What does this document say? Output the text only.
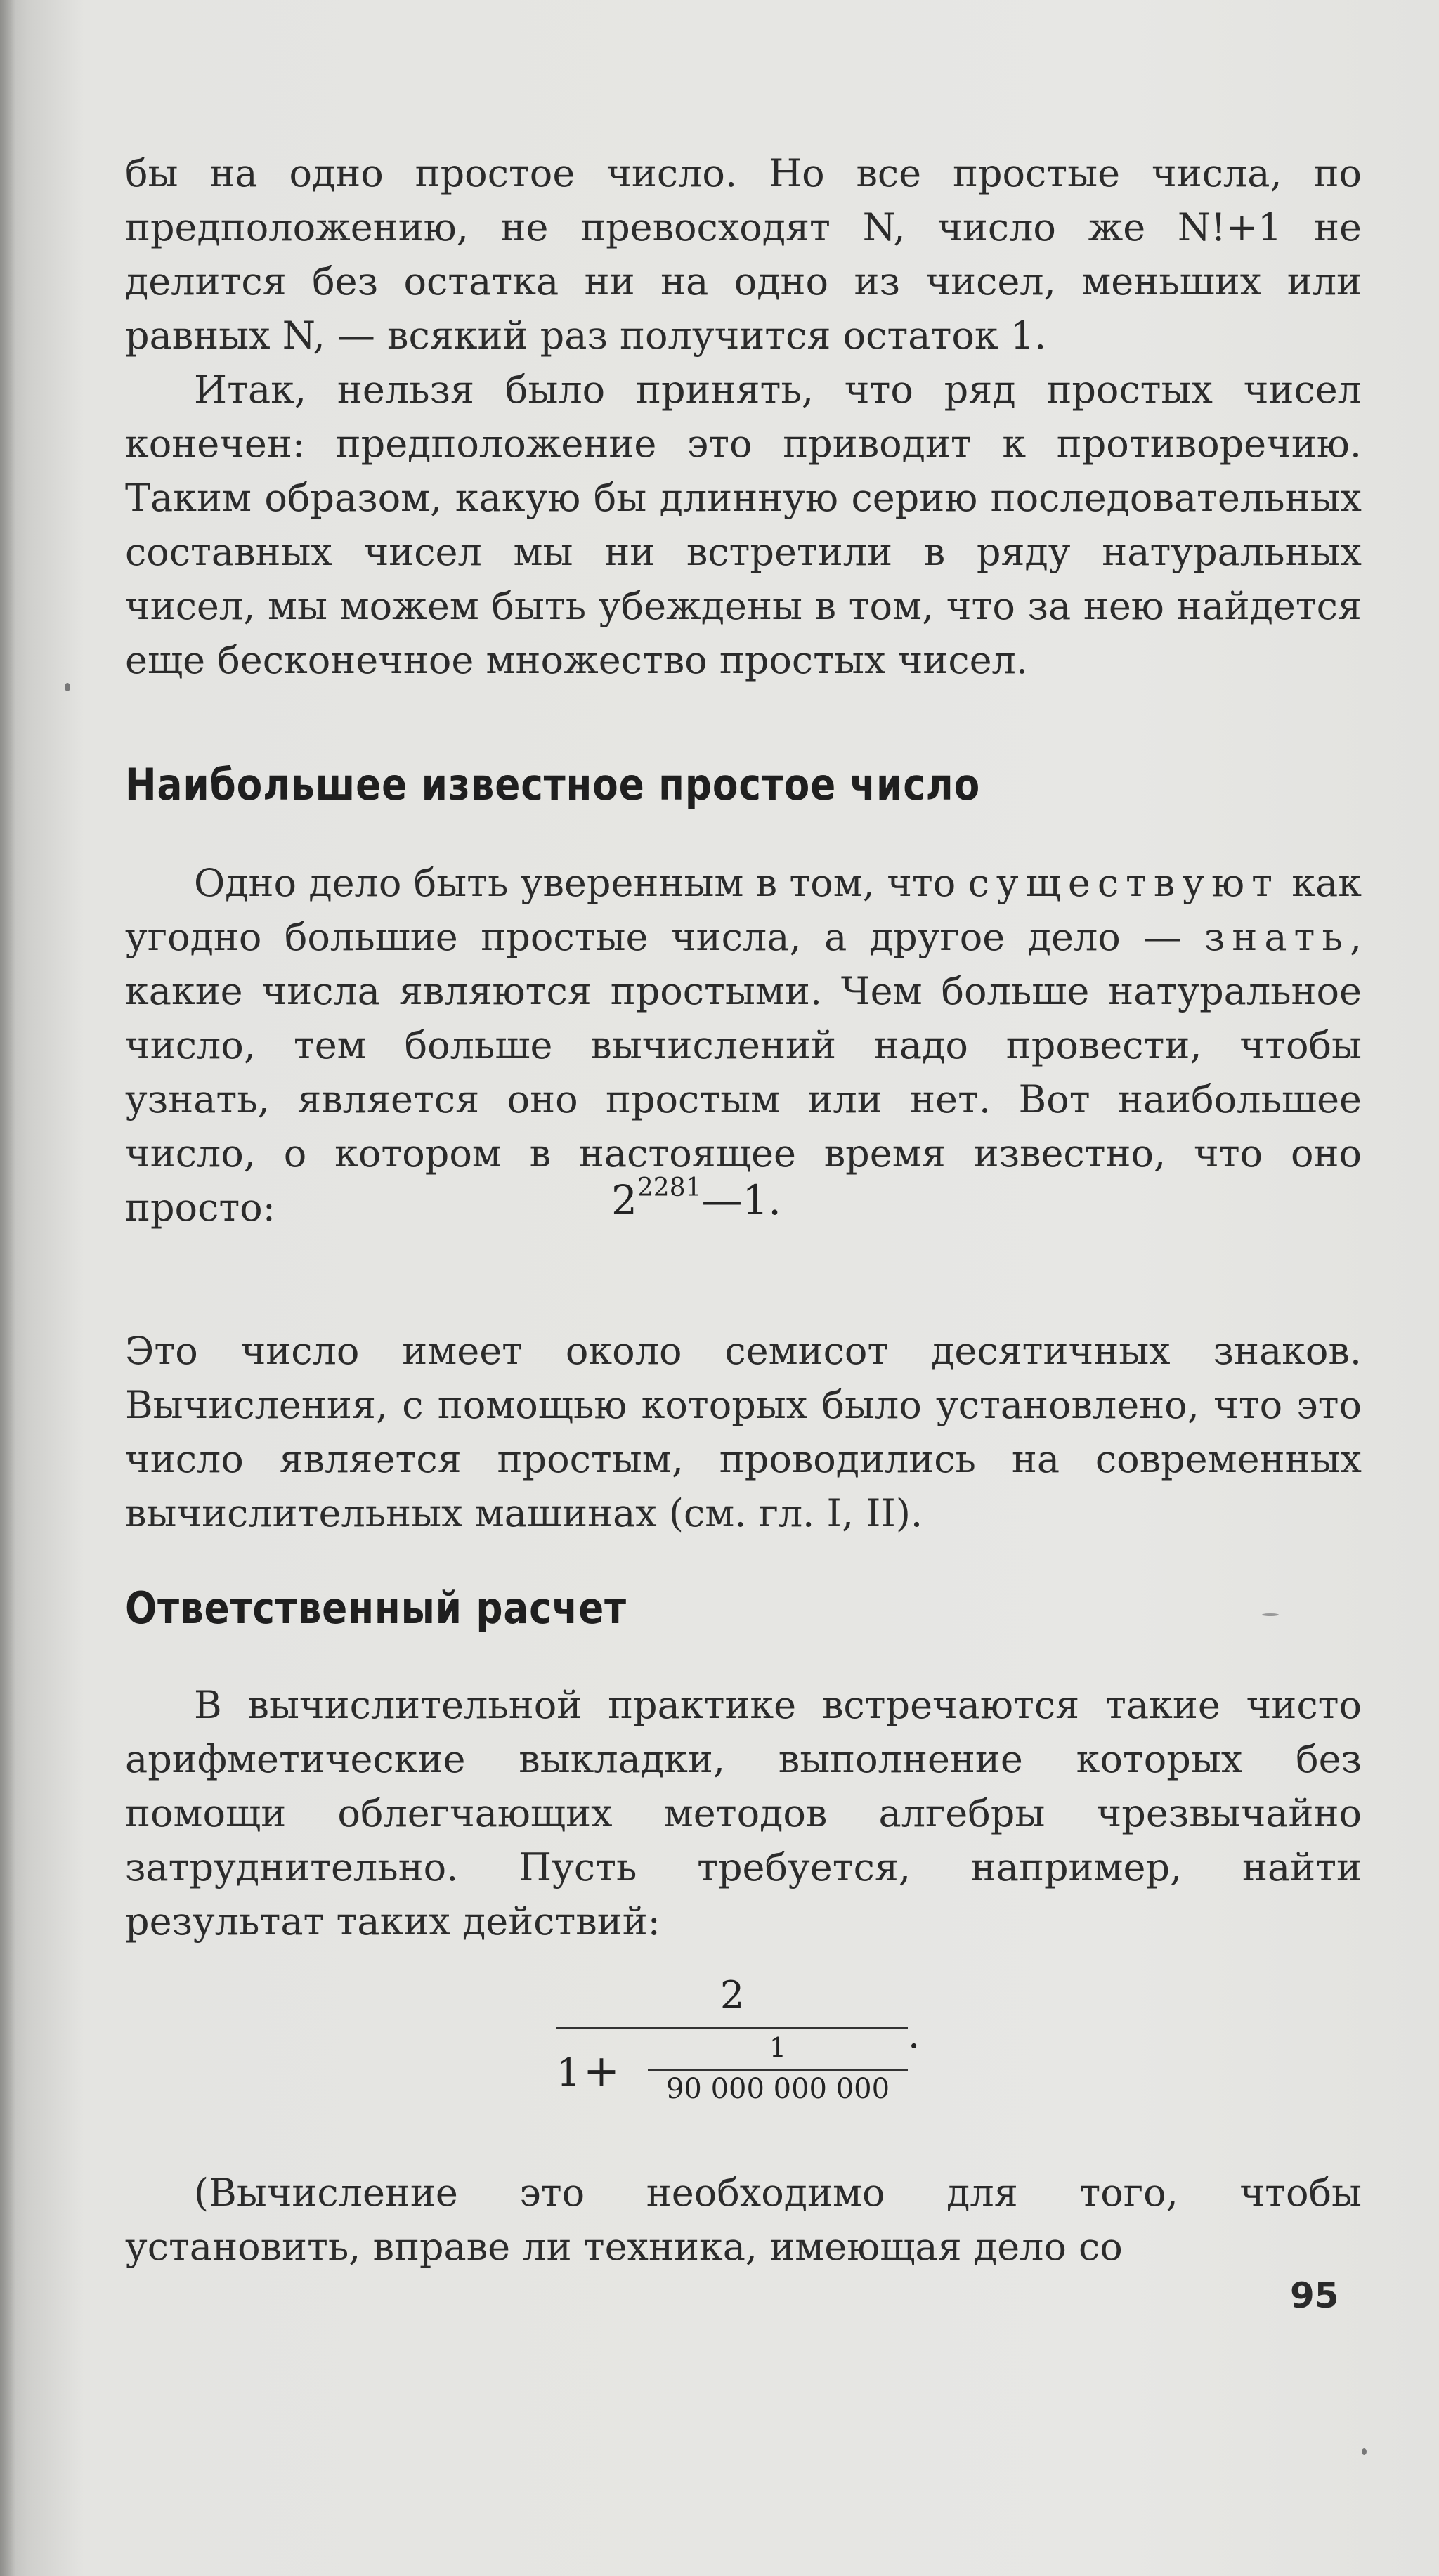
бы на одно простое число. Но все простые числа, по предположению, не превосходят N, число же N!+1 не делится без остатка ни на одно из чисел, меньших или равных N, — всякий раз получится остаток 1.

Итак, нельзя было принять, что ряд простых чисел конечен: предположение это приводит к противоречию. Таким образом, какую бы длинную серию последовательных составных чисел мы ни встретили в ряду натуральных чисел, мы можем быть убеждены в том, что за нею найдется еще бесконечное множество простых чисел.

Наибольшее известное простое число

Одно дело быть уверенным в том, что существуют как угодно большие простые числа, а другое дело — знать, какие числа являются простыми. Чем больше натуральное число, тем больше вычислений надо провести, чтобы узнать, является оно простым или нет. Вот наибольшее число, о котором в настоящее время известно, что оно просто:	$2^{2281}—1$.

Это число имеет около семисот десятичных знаков. Вычисления, с помощью которых было установлено, что это число является простым, проводились на современных вычислительных машинах (см. гл. I, II).

Ответственный расчет

В вычислительной практике встречаются такие чисто арифметические выкладки, выполнение которых без помощи облегчающих методов алгебры чрезвычайно затруднительно. Пусть требуется, например, найти результат таких действий:

2
1 +	1
90 000 000 000
.

(Вычисление это необходимо для того, чтобы установить, вправе ли техника, имеющая дело со

95
